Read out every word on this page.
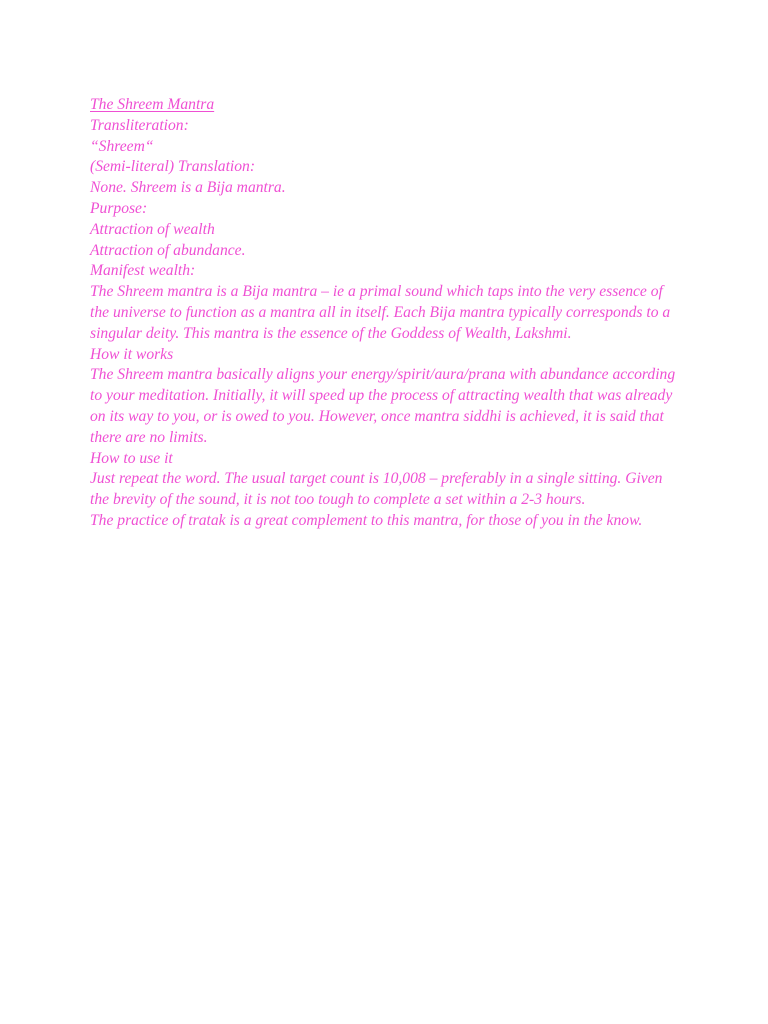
The Shreem Mantra
Transliteration:
“Shreem“
(Semi-literal) Translation:
None. Shreem is a Bija mantra.
Purpose:
Attraction of wealth
Attraction of abundance.
Manifest wealth:

The Shreem mantra is a Bija mantra – ie a primal sound which taps into the very essence of the universe to function as a mantra all in itself. Each Bija mantra typically corresponds to a singular deity. This mantra is the essence of the Goddess of Wealth, Lakshmi.

How it works

The Shreem mantra basically aligns your energy/spirit/aura/prana with abundance according to your meditation. Initially, it will speed up the process of attracting wealth that was already on its way to you, or is owed to you. However, once mantra siddhi is achieved, it is said that there are no limits.

How to use it

Just repeat the word. The usual target count is 10,008 – preferably in a single sitting. Given the brevity of the sound, it is not too tough to complete a set within a 2-3 hours.

The practice of tratak is a great complement to this mantra, for those of you in the know.
